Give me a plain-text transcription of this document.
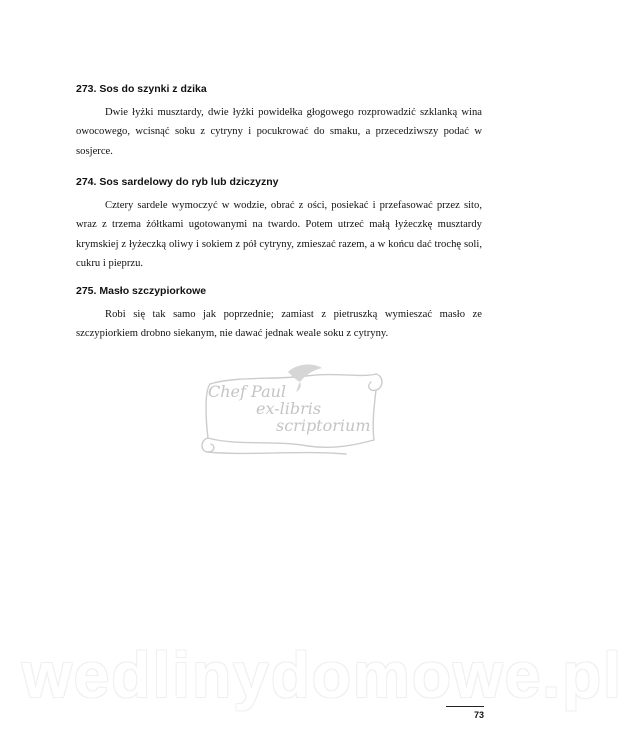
273. Sos do szynki z dzika

Dwie łyżki musztardy, dwie łyżki powidełka głogowego rozprowadzić szklanką wina owocowego, wcisnąć soku z cytryny i pocukrować do smaku, a przecedziwszy podać w sosjerce.

274. Sos sardelowy do ryb lub dziczyzny

Cztery sardele wymoczyć w wodzie, obrać z ości, posiekać i przefasować przez sito, wraz z trzema żółtkami ugotowanymi na twardo. Potem utrzeć małą łyżeczkę musztardy krymskiej z łyżeczką oliwy i sokiem z pół cytryny, zmieszać razem, a w końcu dać trochę soli, cukru i pieprzu.

275. Masło szczypiorkowe

Robi się tak samo jak poprzednie; zamiast z pietruszką wymieszać masło ze szczypiorkiem drobno siekanym, nie dawać jednak weale soku z cytryny.

Chef Paul
ex-libris
scriptorium
wedlinydomowe.pl
73
